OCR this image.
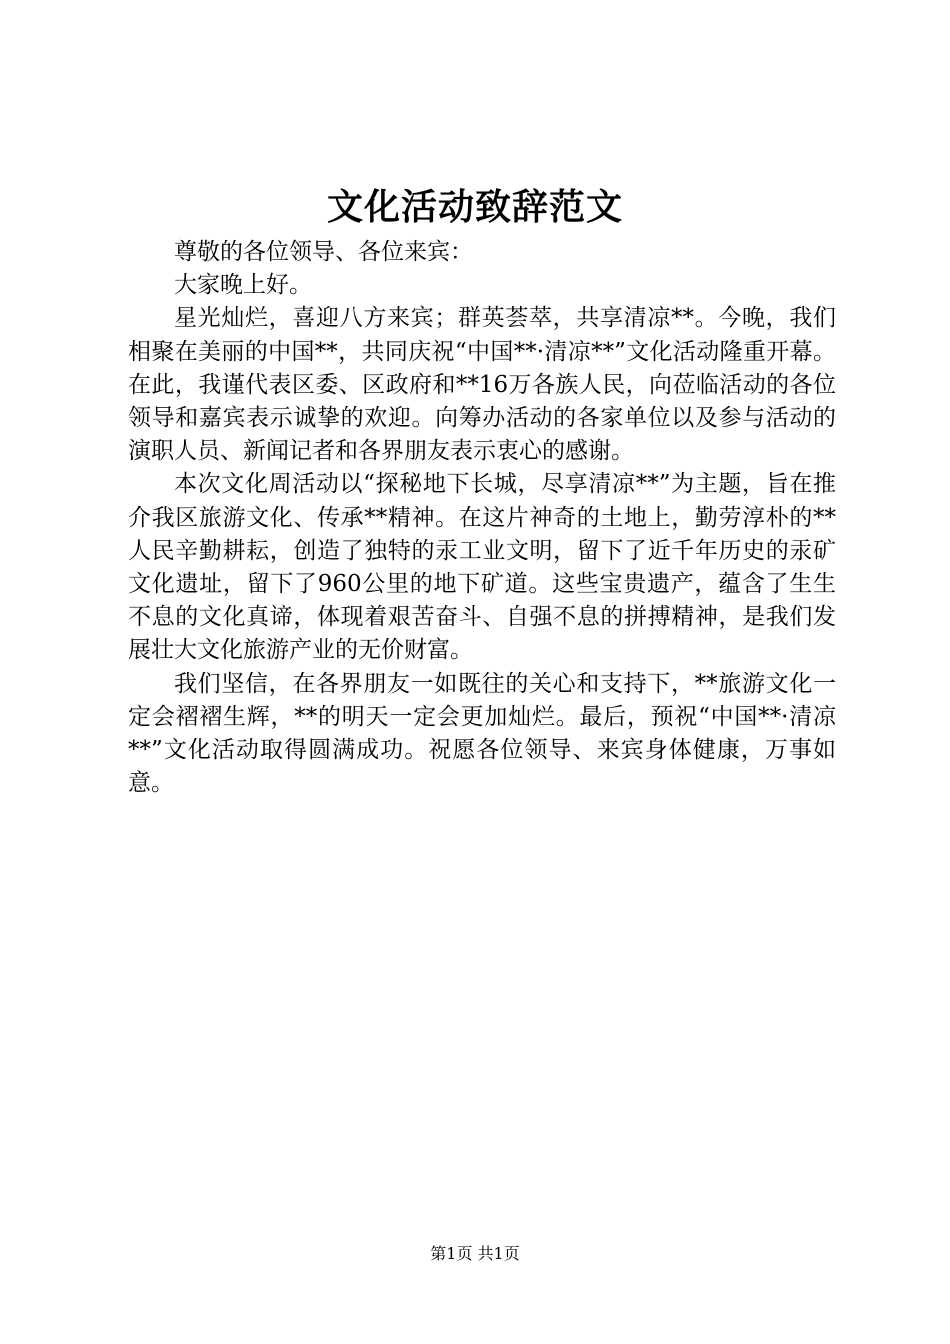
文化活动致辞范文

尊敬的各位领导、各位来宾：

大家晚上好。

星光灿烂，喜迎八方来宾；群英荟萃，共享清凉**。今晚，我们相聚在美丽的中国**，共同庆祝“中国**·清凉**”文化活动隆重开幕。在此，我谨代表区委、区政府和**16万各族人民，向莅临活动的各位领导和嘉宾表示诚挚的欢迎。向筹办活动的各家单位以及参与活动的演职人员、新闻记者和各界朋友表示衷心的感谢。

本次文化周活动以“探秘地下长城，尽享清凉**”为主题，旨在推介我区旅游文化、传承**精神。在这片神奇的土地上，勤劳淳朴的**人民辛勤耕耘，创造了独特的汞工业文明，留下了近千年历史的汞矿文化遗址，留下了960公里的地下矿道。这些宝贵遗产，蕴含了生生不息的文化真谛，体现着艰苦奋斗、自强不息的拼搏精神，是我们发展壮大文化旅游产业的无价财富。

我们坚信，在各界朋友一如既往的关心和支持下，**旅游文化一定会褶褶生辉，**的明天一定会更加灿烂。最后，预祝“中国**·清凉**”文化活动取得圆满成功。祝愿各位领导、来宾身体健康，万事如意。

第1页 共1页
